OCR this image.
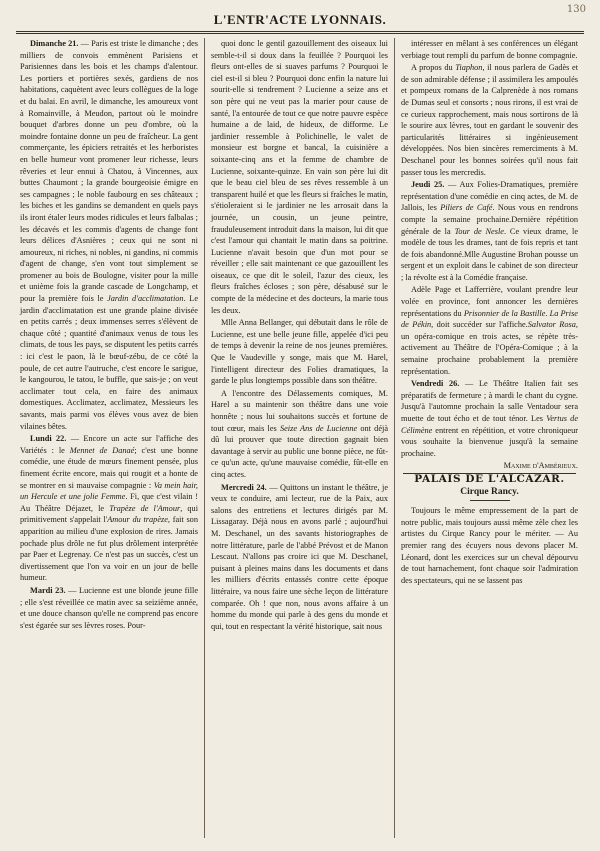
130
L'ENTR'ACTE LYONNAIS.

Dimanche 21. — Paris est triste le dimanche ; des milliers de convois emmènent Parisiens et Parisiennes dans les bois et les champs d'alentour. Les portiers et portières sexés, gardiens de nos habitations, caquètent avec leurs collègues de la loge et du balai. En avril, le dimanche, les amoureux vont à Romainville, à Meudon, partout où le moindre bouquet d'arbres donne un peu d'ombre, où la moindre fontaine donne un peu de fraîcheur. La gent commerçante, les épiciers retraités et les herboristes en belle humeur vont promener leur richesse, leurs rêveries et leur ennui à Chatou, à Vincennes, aux buttes Chaumont ; la grande bourgeoisie émigre en ses campagnes ; le noble faubourg en ses châteaux ; les biches et les gandins se demandent en quels pays ils iront étaler leurs modes ridicules et leurs falbalas ; les décavés et les commis d'agents de change font leurs délices d'Asnières ; ceux qui ne sont ni amoureux, ni riches, ni nobles, ni gandins, ni commis d'agent de change, s'en vont tout simplement se promener au bois de Boulogne, visiter pour la mille et unième fois la grande cascade de Longchamp, et pour la première fois le Jardin d'acclimatation. Le jardin d'acclimatation est une grande plaine divisée en petits carrés ; deux immenses serres s'élèvent de chaque côté ; quantité d'animaux venus de tous les climats, de tous les pays, se disputent les petits carrés : ici c'est le paon, là le bœuf-zébu, de ce côté la poule, de cet autre l'autruche, c'est encore le sarigue, le kangourou, le tatou, le buffle, que sais-je ; on veut acclimater tout cela, en faire des animaux domestiques. Acclimatez, acclimatez, Messieurs les savants, mais parmi vos élèves vous avez de bien vilaines bêtes.

Lundi 22. — Encore un acte sur l'affiche des Variétés : le Mennet de Danaé; c'est une bonne comédie, une étude de mœurs finement pensée, plus finement écrite encore, mais qui rougit et a honte de se montrer en si mauvaise compagnie : Va mein hair, un Hercule et une jolie Femme. Fi, que c'est vilain ! Au Théâtre Déjazet, le Trapèze de l'Amour, qui primitivement s'appelait l'Amour du trapèze, fait son apparition au milieu d'une explosion de rires. Jamais pochade plus drôle ne fut plus drôlement interprétée par Paer et Legrenay. Ce n'est pas un succès, c'est un divertissement que l'on va voir en un jour de belle humeur.

Mardi 23. — Lucienne est une blonde jeune fille ; elle s'est réveillée ce matin avec sa seizième année, et une douce chanson qu'elle ne comprend pas encore s'est égarée sur ses lèvres roses. Pour-

quoi donc le gentil gazouillement des oiseaux lui semble-t-il si doux dans la feuillée ? Pourquoi les fleurs ont-elles de si suaves parfums ? Pourquoi le ciel est-il si bleu ? Pourquoi donc enfin la nature lui sourit-elle si tendrement ? Lucienne a seize ans et son père qui ne veut pas la marier pour cause de santé, l'a entourée de tout ce que notre pauvre espèce humaine a de laid, de hideux, de difforme. Le jardinier ressemble à Polichinelle, le valet de monsieur est borgne et bancal, la cuisinière a soixante-cinq ans et la femme de chambre de Lucienne, soixante-quinze. En vain son père lui dit que le beau ciel bleu de ses rêves ressemble à un transparent huilé et que les fleurs si fraîches le matin, s'étioleraient si le jardinier ne les arrosait dans la journée, un cousin, un jeune peintre, frauduleusement introduit dans la maison, lui dit que c'est l'amour qui chantait le matin dans sa poitrine. Lucienne n'avait besoin que d'un mot pour se réveiller ; elle sait maintenant ce que gazouillent les oiseaux, ce que dit le soleil, l'azur des cieux, les fleurs fraîches écloses ; son père, désabusé sur le compte de la médecine et des docteurs, la marie tous les deux.

Mlle Anna Bellanger, qui débutait dans le rôle de Lucienne, est une belle jeune fille, appelée d'ici peu de temps à devenir la reine de nos jeunes premières. Que le Vaudeville y songe, mais que M. Harel, l'intelligent directeur des Folies dramatiques, la garde le plus longtemps possible dans son théâtre.

A l'encontre des Délassements comiques, M. Harel a su maintenir son théâtre dans une voie honnête ; nous lui souhaitons succès et fortune de tout cœur, mais les Seize Ans de Lucienne ont déjà dû lui prouver que toute direction gagnait bien davantage à servir au public une bonne pièce, ne fût-ce qu'un acte, qu'une mauvaise comédie, fût-elle en cinq actes.

Mercredi 24. — Quittons un instant le théâtre, je veux te conduire, ami lecteur, rue de la Paix, aux salons des entretiens et lectures dirigés par M. Lissagaray. Déjà nous en avons parlé ; aujourd'hui M. Deschanel, un des savants historiographes de notre littérature, parle de l'abbé Prévost et de Manon Lescaut. N'allons pas croire ici que M. Deschanel, puisant à pleines mains dans les documents et dans les milliers d'écrits entassés contre cette époque littéraire, va nous faire une sèche leçon de littérature comparée. Oh ! que non, nous avons affaire à un homme du monde qui parle à des gens du monde et qui, tout en respectant la vérité historique, sait nous

intéresser en mêlant à ses conférences un élégant verbiage tout rempli du parfum de bonne compagnie.

A propos du Tiaphon, il nous parlera de Gadès et de son admirable défense ; il assimilera les ampoulés et pompeux romans de la Calprenède à nos romans de Dumas seul et consorts ; nous rirons, il est vrai de ce curieux rapprochement, mais nous sortirons de là le sourire aux lèvres, tout en gardant le souvenir des particularités littéraires si ingénieusement développées. Nos bien sincères remerciments à M. Deschanel pour les bonnes soirées qu'il nous fait passer tous les mercredis.

Jeudi 25. — Aux Folies-Dramatiques, première représentation d'une comédie en cinq actes, de M. de Jallois, les Piliers de Café. Nous vous en rendrons compte la semaine prochaine.Dernière répétition générale de la Tour de Nesle. Ce vieux drame, le modèle de tous les drames, tant de fois repris et tant de fois abandonné.Mlle Augustine Brohan pousse un sergent et un exploit dans le cabinet de son directeur ; la révolte est à la Comédie française.

Adèle Page et Lafferrière, voulant prendre leur volée en province, font annoncer les dernières représentations du Prisonnier de la Bastille. La Prise de Pékin, doit succéder sur l'affiche.Salvator Rosa, un opéra-comique en trois actes, se répète très-activement au Théâtre de l'Opéra-Comique ; à la semaine prochaine probablement la première représentation.

Vendredi 26. — Le Théâtre Italien fait ses préparatifs de fermeture ; à mardi le chant du cygne. Jusqu'à l'automne prochain la salle Ventadour sera muette de tout écho et de tout ténor. Les Vertus de Célimène entrent en répétition, et votre chroniqueur vous souhaite la bienvenue jusqu'à la semaine prochaine.

Maxime d'Ambérieux.

PALAIS DE L'ALCAZAR.

Cirque Rancy.

Toujours le même empressement de la part de notre public, mais toujours aussi même zèle chez les artistes du Cirque Rancy pour le mériter. — Au premier rang des écuyers nous devons placer M. Léonard, dont les exercices sur un cheval dépourvu de tout harnachement, font chaque soir l'admiration des spectateurs, qui ne se lassent pas
